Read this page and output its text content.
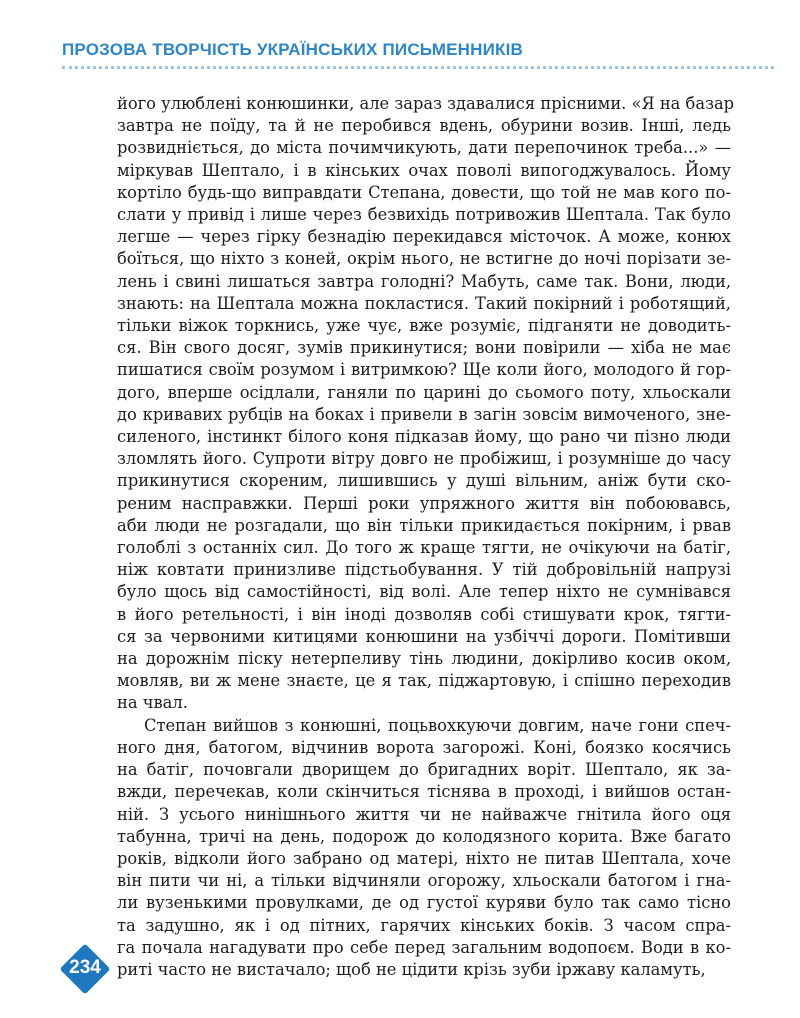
ПРОЗОВА ТВОРЧІСТЬ УКРАЇНСЬКИХ ПИСЬМЕННИКІВ

його улюблені конюшинки, але зараз здавалися прісними. «Я на базар
завтра не поїду, та й не перобився вдень, обурини возив. Інші, ледь
розвидніється, до міста почимчикують, дати перепочинок треба...» —
міркував Шептало, і в кінських очах поволі випогоджувалось. Йому
кортіло будь-що виправдати Степана, довести, що той не мав кого по-
слати у привід і лише через безвихідь потривожив Шептала. Так було
легше — через гірку безнадію перекидався місточок. А може, конюх
боїться, що ніхто з коней, окрім нього, не встигне до ночі порізати зе-
лень і свині лишаться завтра голодні? Мабуть, саме так. Вони, люди,
знають: на Шептала можна покластися. Такий покірний і роботящий,
тільки віжок торкнись, уже чує, вже розуміє, підганяти не доводить-
ся. Він свого досяг, зумів прикинутися; вони повірили — хіба не має
пишатися своїм розумом і витримкою? Ще коли його, молодого й гор-
дого, вперше осідлали, ганяли по царині до сьомого поту, хльоскали
до кривавих рубців на боках і привели в загін зовсім вимоченого, зне-
силеного, інстинкт білого коня підказав йому, що рано чи пізно люди
зломлять його. Супроти вітру довго не пробіжиш, і розумніше до часу
прикинутися скореним, лишившись у душі вільним, аніж бути ско-
реним насправжки. Перші роки упряжного життя він побоювавсь,
аби люди не розгадали, що він тільки прикидається покірним, і рвав
голоблі з останніх сил. До того ж краще тягти, не очікуючи на батіг,
ніж ковтати принизливе підстьобування. У тій добровільній напрузі
було щось від самостійності, від волі. Але тепер ніхто не сумнівався
в його ретельності, і він іноді дозволяв собі стишувати крок, тягти-
ся за червоними китицями конюшини на узбіччі дороги. Помітивши
на дорожнім піску нетерпеливу тінь людини, докірливо косив оком,
мовляв, ви ж мене знаєте, це я так, піджартовую, і спішно переходив
на чвал.

Степан вийшов з конюшні, поцьвохкуючи довгим, наче гони спеч-
ного дня, батогом, відчинив ворота загорожі. Коні, боязко косячись
на батіг, почовгали дворищем до бригадних воріт. Шептало, як за-
вжди, перечекав, коли скінчиться тіснява в проході, і вийшов остан-
ній. З усього нинішнього життя чи не найважче гнітила його оця
табунна, тричі на день, подорож до колодязного корита. Вже багато
років, відколи його забрано од матері, ніхто не питав Шептала, хоче
він пити чи ні, а тільки відчиняли огорожу, хльоскали батогом і гна-
ли вузенькими провулками, де од густої куряви було так само тісно
та задушно, як і од пітних, гарячих кінських боків. З часом спра-
га почала нагадувати про себе перед загальним водопоєм. Води в ко-
риті часто не вистачало; щоб не цідити крізь зуби іржаву каламуть,

234
